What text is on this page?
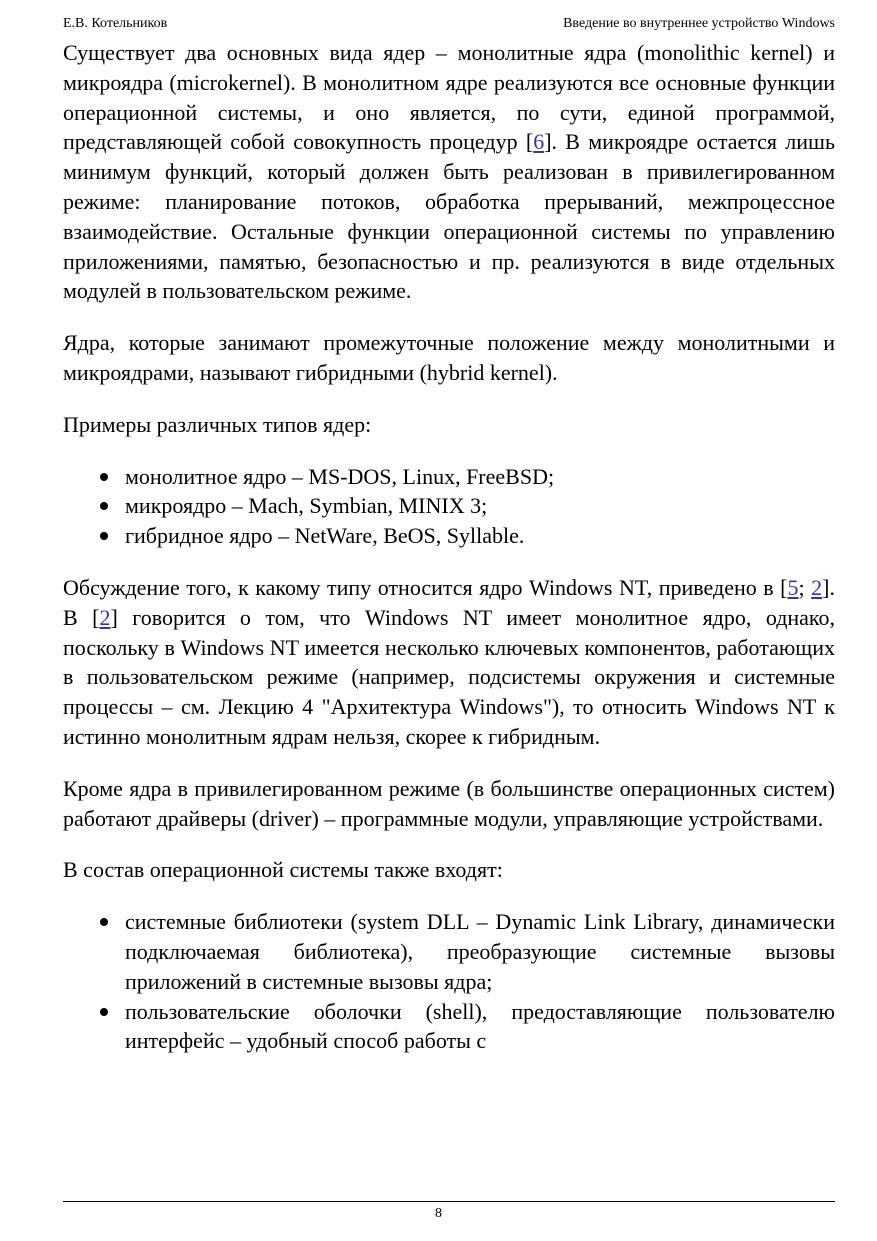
Е.В. Котельников	Введение во внутреннее устройство Windows

Существует два основных вида ядер – монолитные ядра (monolithic kernel) и микроядра (microkernel). В монолитном ядре реализуются все основные функции операционной системы, и оно является, по сути, единой программой, представляющей собой совокупность процедур [6]. В микроядре остается лишь минимум функций, который должен быть реализован в привилегированном режиме: планирование потоков, обработка прерываний, межпроцессное взаимодействие. Остальные функции операционной системы по управлению приложениями, памятью, безопасностью и пр. реализуются в виде отдельных модулей в пользовательском режиме.

Ядра, которые занимают промежуточные положение между монолитными и микроядрами, называют гибридными (hybrid kernel).

Примеры различных типов ядер:

монолитное ядро – MS-DOS, Linux, FreeBSD;
микроядро – Mach, Symbian, MINIX 3;
гибридное ядро – NetWare, BeOS, Syllable.

Обсуждение того, к какому типу относится ядро Windows NT, приведено в [5; 2]. В [2] говорится о том, что Windows NT имеет монолитное ядро, однако, поскольку в Windows NT имеется несколько ключевых компонентов, работающих в пользовательском режиме (например, подсистемы окружения и системные процессы – см. Лекцию 4 "Архитектура Windows"), то относить Windows NT к истинно монолитным ядрам нельзя, скорее к гибридным.

Кроме ядра в привилегированном режиме (в большинстве операционных систем) работают драйверы (driver) – программные модули, управляющие устройствами.

В состав операционной системы также входят:

системные библиотеки (system DLL – Dynamic Link Library, динамически подключаемая библиотека), преобразующие системные вызовы приложений в системные вызовы ядра;
пользовательские оболочки (shell), предоставляющие пользователю интерфейс – удобный способ работы с
8
